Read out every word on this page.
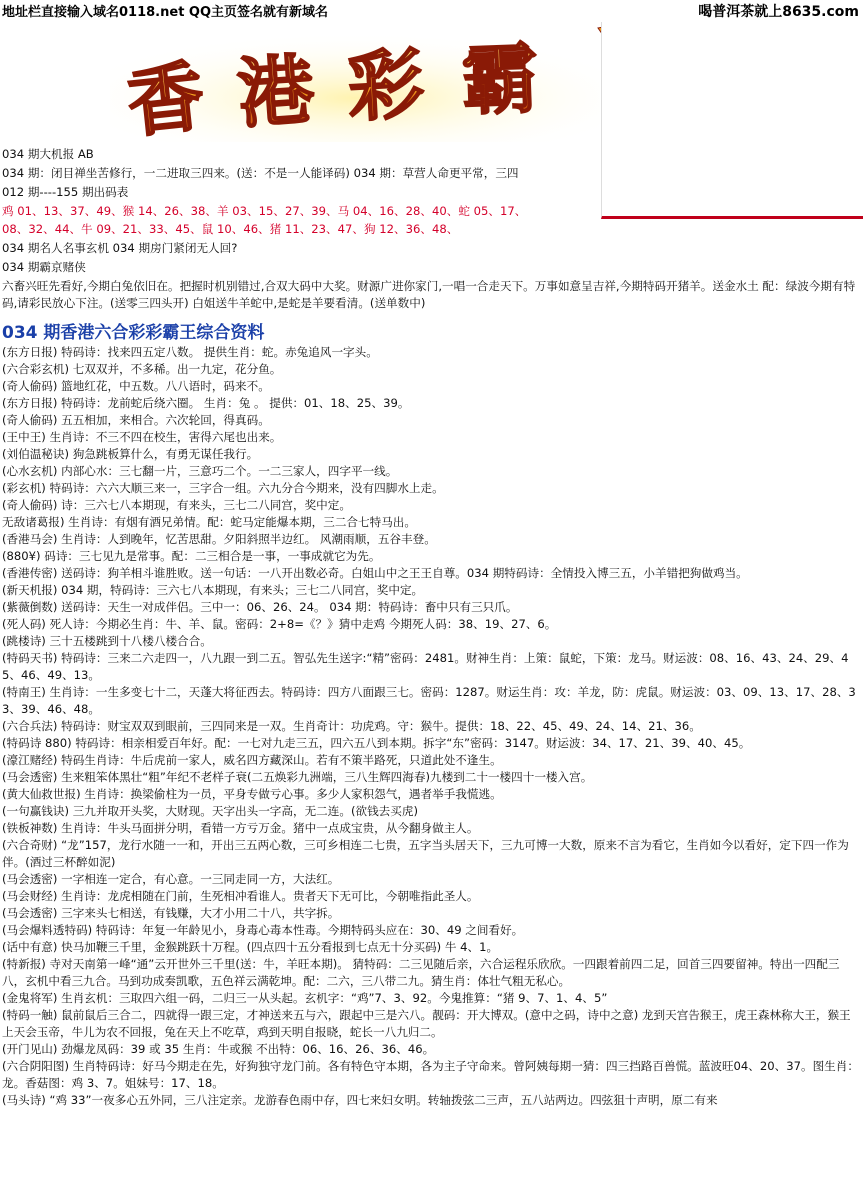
地址栏直接输入域名0118.net QQ主页签名就有新域名	喝普洱茶就上8635.com
香 港 彩 霸
034 期大机报 AB
034 期：闭目禅坐苦修行，一二进取三四来。(送：不是一人能译码) 034 期：草营人命更平常，三四
012 期----155 期出码表
鸡 01、13、37、49、猴 14、26、38、羊 03、15、27、39、马 04、16、28、40、蛇 05、17、
08、32、44、牛 09、21、33、45、鼠 10、46、猪 11、23、47、狗 12、36、48、
034 期名人名事玄机 034 期房门紧闭无人回?
034 期霸京赌侠
六畜兴旺先看好,今期白兔依旧在。把握时机别错过,合双大码中大奖。财源广进你家门,一唱一合走天下。万事如意呈吉祥,今期特码开猪羊。送金水土 配：绿波今期有特码,请彩民放心下注。(送零三四头开) 白姐送牛羊蛇中,是蛇是羊要看清。(送单数中)
034 期香港六合彩彩霸王综合资料

(东方日报) 特码诗：找来四五定八数。 提供生肖：蛇。赤兔追风一字头。

(六合彩玄机) 七双双并，不多稀。出一九定，花分鱼。

(奇人偷码) 篮地红花，中五数。八八语时，码来不。

(东方日报) 特码诗：龙前蛇后绕六圈。 生肖：兔 。 提供：01、18、25、39。

(奇人偷码) 五五相加，来相合。六次轮回，得真码。

(王中王) 生肖诗：不三不四在校生，害得六尾也出来。

(刘伯温秘诀) 狗急跳板算什么，有勇无谋任我行。

(心水玄机) 内部心水：三七翻一片，三意巧二个。一二三家人，四字平一线。

(彩玄机) 特码诗：六六大顺三来一，三字合一组。六九分合今期来，没有四脚水上走。

(奇人偷码) 诗：三六七八本期现，有来头，三七二八同宫，奖中定。

无敌诸葛报) 生肖诗：有烟有酒兄弟情。配：蛇马定能爆本期，三二合七特马出。

(香港马会) 生肖诗：人到晚年，忆苦思甜。夕阳斜照半边红。 风潮雨顺，五谷丰登。

(880¥) 码诗：三七见九是常事。配：二三相合是一事，一事成就它为先。

(香港传密) 送码诗：狗羊相斗谁胜败。送一句话：一八开出数必奇。白姐山中之王王自尊。034 期特码诗：全情投入博三五，小羊错把狗做鸡当。

(新天机报) 034 期，特码诗：三六七八本期现，有来头；三七二八同宫，奖中定。

(紫薇倒数) 送码诗：天生一对成伴侣。三中一：06、26、24。 034 期：特码诗：畜中只有三只爪。

(死人码) 死人诗：今期必生肖：牛、羊、鼠。密码：2+8=《？》猜中走鸡 今期死人码：38、19、27、6。

(跳楼诗) 三十五楼跳到十八楼八楼合合。

(特码天书) 特码诗：三来二六走四一，八九跟一到二五。智弘先生送字:“精”密码：2481。财神生肖：上策：鼠蛇，下策：龙马。财运波：08、16、43、24、29、45、46、49、13。

(特南王) 生肖诗：一生多变七十二，天蓬大将征西去。特码诗：四方八面跟三七。密码：1287。财运生肖：攻：羊龙，防：虎鼠。财运波：03、09、13、17、28、33、39、46、48。

(六合兵法) 特码诗：财宝双双到眼前，三四同来是一双。生肖奇计：功虎鸡。守：猴牛。提供：18、22、45、49、24、14、21、36。

(特码诗 880) 特码诗：相亲相爱百年好。配：一七对九走三五，四六五八到本期。拆字“东”密码：3147。财运波：34、17、21、39、40、45。

(濠江赌经) 特码生肖诗：牛后虎前一家人，威名四方藏深山。若有不策半路死，只道此处不逢生。

(马会透密) 生来粗笨体黑壮“粗”年纪不老样子衰(二五焕彩九洲端，三八生辉四海春)九楼到二十一楼四十一楼入宫。

(黄大仙救世报) 生肖诗：换梁偷柱为一员，平身专做亏心事。多少人家积怨气，遇者举手我慌逃。

(一句赢钱诀) 三九并取开头奖，大财现。天字出头一字高，无二连。(欲钱去买虎)

(铁板神数) 生肖诗：牛头马面拼分明，看错一方亏万金。猪中一点成宝贵，从今翻身做主人。

(六合奇财) “龙”157，龙行水随一一和，开出三五两心数，三可乡相连二七贵，五字当头居天下，三九可博一大数，原来不言为看它，生肖如今以看好，定下四一作为伴。(酒过三杯醉如泥)

(马会透密) 一字相连一定合，有心意。一三同走同一方，大法红。

(马会财经) 生肖诗：龙虎相随在门前，生死相冲看谁人。贵者天下无可比，今朝唯指此圣人。

(马会透密) 三字来头七相送，有钱赚，大才小用二十八，共字拆。

(马会爆料透特码) 特码诗：年复一年龄见小，身毒心毒本性毒。今期特码头应在：30、49 之间看好。

(话中有意) 快马加鞭三千里，金猴跳跃十万程。(四点四十五分看报到七点无十分买码) 牛 4、1。

(特新报) 寺对天南第一峰“通”云开世外三千里(送：牛，羊旺本期)。 猜特码：二三见随后亲，六合运程乐欣欣。一四跟着前四二足，回首三四要留神。特出一四配三八，玄机中看三九合。马到功成奏凯歌，五色祥云满乾坤。配：二六，三八带二九。猜生肖：体壮气粗无私心。

(金鬼将军) 生肖玄机：三取四六组一码，二归三一从头起。玄机字：“鸡”7、3、92。今鬼推算：“猪 9、7、1、4、5”

(特码一触) 鼠前鼠后三合二，四就得一跟三定，才神送来五与六，跟起中三是六八。靓码：开大博双。(意中之码，诗中之意) 龙到天宫告猴王，虎王森林称大王，猴王上天会玉帝，牛儿为农不回报，兔在天上不吃草，鸡到天明自报晓，蛇长一八九归二。

(开门见山) 劲爆龙凤码：39 或 35 生肖：牛或猴 不出特：06、16、26、36、46。

(六合阴阳图) 生肖特码诗：好马今期走在先，好狗独守龙门前。各有特色守本期，各为主子守命来。曾阿姨每期一猜：四三挡路百兽慌。蓝波旺04、20、37。图生肖：龙。香菇图：鸡 3、7。姐妹号：17、18。

(马头诗) “鸡 33”一夜多心五外同，三八注定亲。龙游春色雨中存，四七来妇女明。转轴拨弦二三声，五八站两边。四弦狙十声明，原二有来
